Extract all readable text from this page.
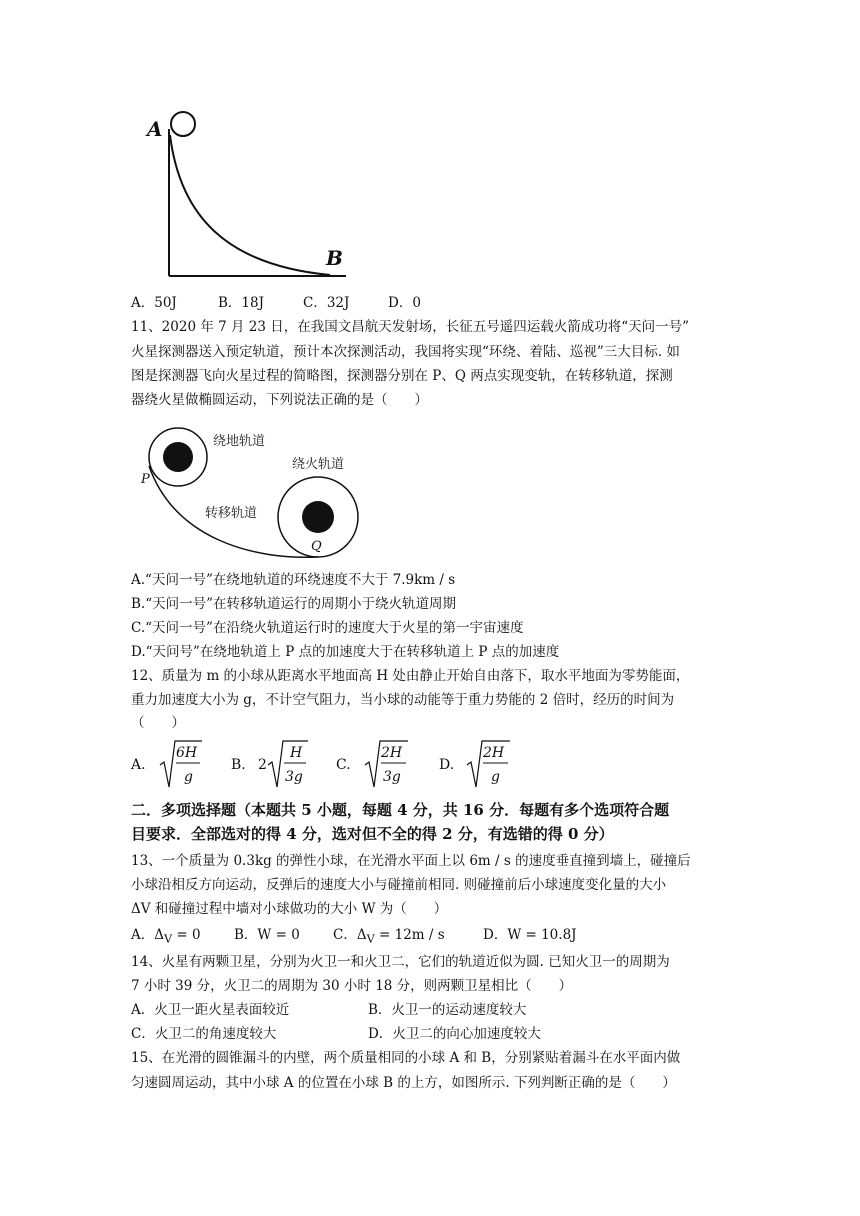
A
B
A．50J	B．18J	C．32J	D．0
11、2020 年 7 月 23 日，在我国文昌航天发射场，长征五号遥四运载火箭成功将“天问一号”
火星探测器送入预定轨道，预计本次探测活动，我国将实现“环绕、着陆、巡视”三大目标. 如
图是探测器飞向火星过程的简略图，探测器分别在 P、Q 两点实现变轨，在转移轨道，探测
器绕火星做椭圆运动，下列说法正确的是（　　）
绕地轨道
绕火轨道
转移轨道
P
Q
A.“天问一号”在绕地轨道的环绕速度不大于 7.9km / s
B.“天问一号”在转移轨道运行的周期小于绕火轨道周期
C.“天问一号”在沿绕火轨道运行时的速度大于火星的第一宇宙速度
D.“天问号”在绕地轨道上 P 点的加速度大于在转移轨道上 P 点的加速度
12、质量为 m 的小球从距离水平地面高 H 处由静止开始自由落下，取水平地面为零势能面，
重力加速度大小为 g，不计空气阻力，当小球的动能等于重力势能的 2 倍时，经历的时间为
（　　）
A.
6H
g
B. 2
H
3g
C.
2H
3g
D.
2H
g
二．多项选择题（本题共 5 小题，每题 4 分，共 16 分．每题有多个选项符合题
目要求．全部选对的得 4 分，选对但不全的得 2 分，有选错的得 0 分）
13、一个质量为 0.3kg 的弹性小球，在光滑水平面上以 6m / s 的速度垂直撞到墙上，碰撞后
小球沿相反方向运动，反弹后的速度大小与碰撞前相同. 则碰撞前后小球速度变化量的大小
ΔV 和碰撞过程中墙对小球做功的大小 W 为（　　）
A．$\Delta_V = 0$ B．W = 0 C．$\Delta_V = 12m / s$	D．W = 10.8J
14、火星有两颗卫星，分别为火卫一和火卫二，它们的轨道近似为圆. 已知火卫一的周期为
7 小时 39 分，火卫二的周期为 30 小时 18 分，则两颗卫星相比（　　）
A．火卫一距火星表面较近	B．火卫一的运动速度较大
C．火卫二的角速度较大	D．火卫二的向心加速度较大
15、在光滑的圆锥漏斗的内壁，两个质量相同的小球 A 和 B，分别紧贴着漏斗在水平面内做
匀速圆周运动，其中小球 A 的位置在小球 B 的上方，如图所示. 下列判断正确的是（　　）
